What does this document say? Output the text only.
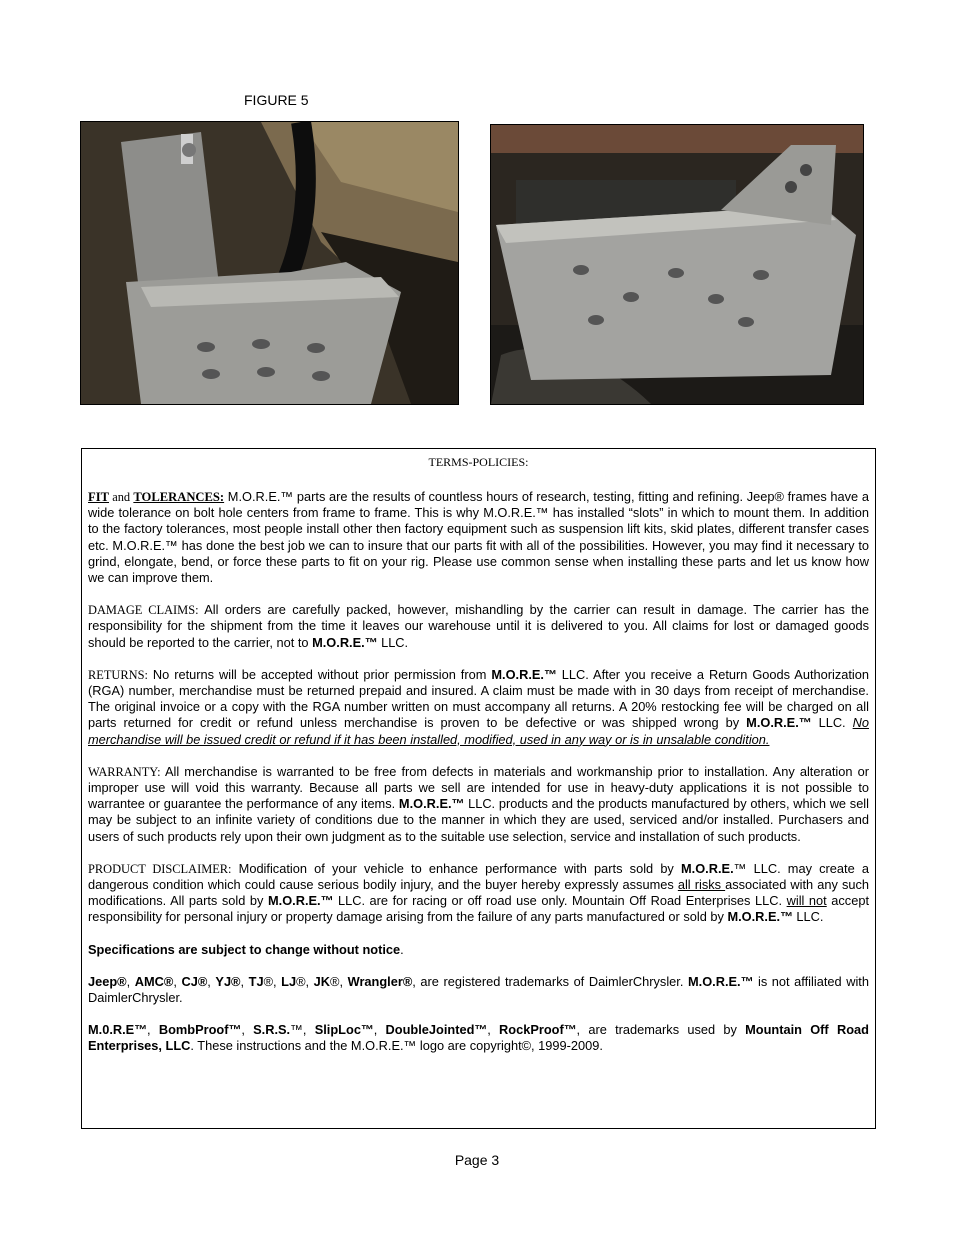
FIGURE 5
TERMS-POLICIES:

FIT and TOLERANCES: M.O.R.E.™ parts are the results of countless hours of research, testing, fitting and refining. Jeep® frames have a wide tolerance on bolt hole centers from frame to frame. This is why M.O.R.E.™ has installed “slots” in which to mount them. In addition to the factory tolerances, most people install other then factory equipment such as suspension lift kits, skid plates, different transfer cases etc. M.O.R.E.™ has done the best job we can to insure that our parts fit with all of the possibilities. However, you may find it necessary to grind, elongate, bend, or force these parts to fit on your rig. Please use common sense when installing these parts and let us know how we can improve them.

DAMAGE CLAIMS: All orders are carefully packed, however, mishandling by the carrier can result in damage. The carrier has the responsibility for the shipment from the time it leaves our warehouse until it is delivered to you. All claims for lost or damaged goods should be reported to the carrier, not to M.O.R.E.™ LLC.

RETURNS: No returns will be accepted without prior permission from M.O.R.E.™ LLC. After you receive a Return Goods Authorization (RGA) number, merchandise must be returned prepaid and insured. A claim must be made with in 30 days from receipt of merchandise. The original invoice or a copy with the RGA number written on must accompany all returns. A 20% restocking fee will be charged on all parts returned for credit or refund unless merchandise is proven to be defective or was shipped wrong by M.O.R.E.™ LLC. No merchandise will be issued credit or refund if it has been installed, modified, used in any way or is in unsalable condition.

WARRANTY: All merchandise is warranted to be free from defects in materials and workmanship prior to installation. Any alteration or improper use will void this warranty. Because all parts we sell are intended for use in heavy-duty applications it is not possible to warrantee or guarantee the performance of any items. M.O.R.E.™ LLC. products and the products manufactured by others, which we sell may be subject to an infinite variety of conditions due to the manner in which they are used, serviced and/or installed. Purchasers and users of such products rely upon their own judgment as to the suitable use selection, service and installation of such products.

PRODUCT DISCLAIMER: Modification of your vehicle to enhance performance with parts sold by M.O.R.E.™ LLC. may create a dangerous condition which could cause serious bodily injury, and the buyer hereby expressly assumes all risks associated with any such modifications. All parts sold by M.O.R.E.™ LLC. are for racing or off road use only. Mountain Off Road Enterprises LLC. will not accept responsibility for personal injury or property damage arising from the failure of any parts manufactured or sold by M.O.R.E.™ LLC.

Specifications are subject to change without notice.

Jeep®, AMC®, CJ®, YJ®, TJ®, LJ®, JK®, Wrangler®, are registered trademarks of DaimlerChrysler. M.O.R.E.™ is not affiliated with DaimlerChrysler.

M.0.R.E™, BombProof™, S.R.S.™, SlipLoc™, DoubleJointed™, RockProof™, are trademarks used by Mountain Off Road Enterprises, LLC. These instructions and the M.O.R.E.™ logo are copyright©, 1999-2009.

Page 3
